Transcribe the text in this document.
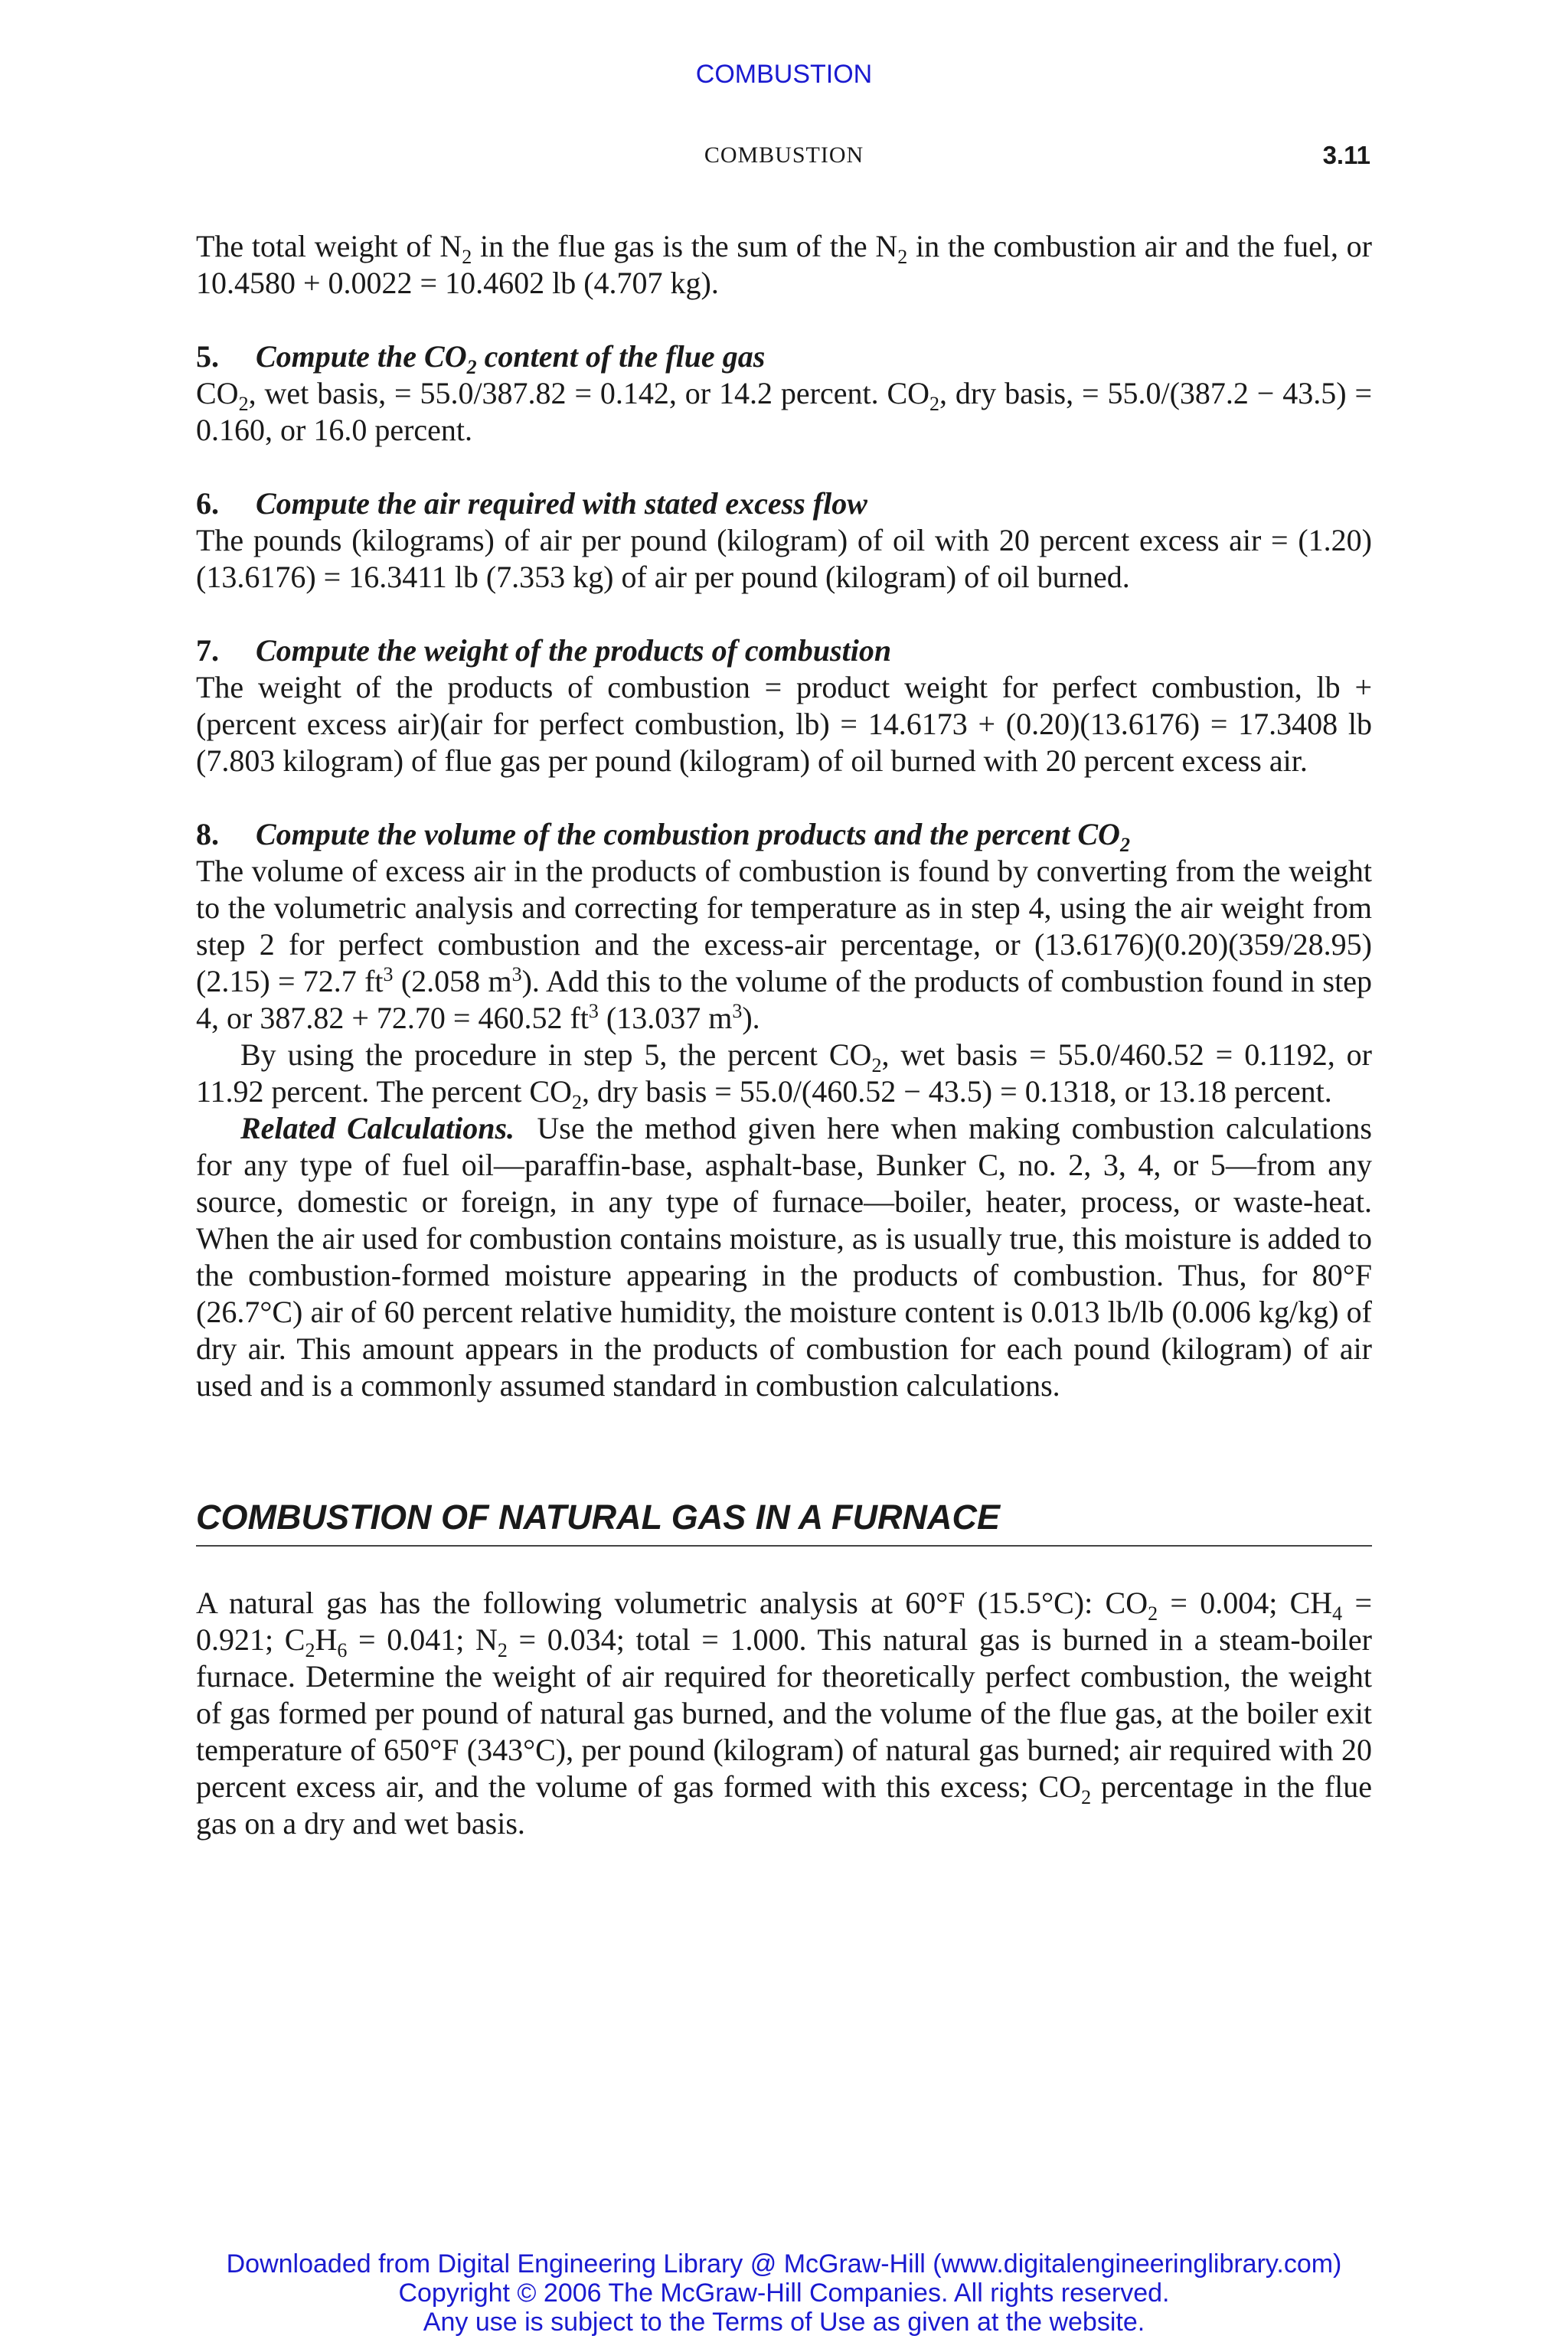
COMBUSTION
COMBUSTION	3.11

The total weight of $N_2$ in the flue gas is the sum of the $N_2$ in the combustion air and the fuel, or 10.4580 + 0.0022 = 10.4602 lb (4.707 kg).

5. Compute the $CO_2$ content of the flue gas

$CO_2$, wet basis, = 55.0/387.82 = 0.142, or 14.2 percent. $CO_2$, dry basis, = 55.0/(387.2 − 43.5) = 0.160, or 16.0 percent.

6. Compute the air required with stated excess flow

The pounds (kilograms) of air per pound (kilogram) of oil with 20 percent excess air = (1.20)(13.6176) = 16.3411 lb (7.353 kg) of air per pound (kilogram) of oil burned.

7. Compute the weight of the products of combustion

The weight of the products of combustion = product weight for perfect combustion, lb + (percent excess air)(air for perfect combustion, lb) = 14.6173 + (0.20)(13.6176) = 17.3408 lb (7.803 kilogram) of flue gas per pound (kilogram) of oil burned with 20 percent excess air.

8. Compute the volume of the combustion products and the percent $CO_2$

The volume of excess air in the products of combustion is found by converting from the weight to the volumetric analysis and correcting for temperature as in step 4, using the air weight from step 2 for perfect combustion and the excess-air percentage, or (13.6176)(0.20)(359/28.95)(2.15) = 72.7 $ft^3$ (2.058 $m^3$). Add this to the volume of the products of combustion found in step 4, or 387.82 + 72.70 = 460.52 $ft^3$ (13.037 $m^3$).

By using the procedure in step 5, the percent $CO_2$, wet basis = 55.0/460.52 = 0.1192, or 11.92 percent. The percent $CO_2$, dry basis = 55.0/(460.52 − 43.5) = 0.1318, or 13.18 percent.

Related Calculations. Use the method given here when making combustion calculations for any type of fuel oil—paraffin-base, asphalt-base, Bunker C, no. 2, 3, 4, or 5—from any source, domestic or foreign, in any type of furnace—boiler, heater, process, or waste-heat. When the air used for combustion contains moisture, as is usually true, this moisture is added to the combustion-formed moisture appearing in the products of combustion. Thus, for 80°F (26.7°C) air of 60 percent relative humidity, the moisture content is 0.013 lb/lb (0.006 kg/kg) of dry air. This amount appears in the products of combustion for each pound (kilogram) of air used and is a commonly assumed standard in combustion calculations.

COMBUSTION OF NATURAL GAS IN A FURNACE

A natural gas has the following volumetric analysis at 60°F (15.5°C): $CO_2 = 0.004$; $CH_4 = 0.921$; $C_2H_6 = 0.041$; $N_2 = 0.034$; total = 1.000. This natural gas is burned in a steam-boiler furnace. Determine the weight of air required for theoretically perfect combustion, the weight of gas formed per pound of natural gas burned, and the volume of the flue gas, at the boiler exit temperature of 650°F (343°C), per pound (kilogram) of natural gas burned; air required with 20 percent excess air, and the volume of gas formed with this excess; $CO_2$ percentage in the flue gas on a dry and wet basis.

Downloaded from Digital Engineering Library @ McGraw-Hill (www.digitalengineeringlibrary.com)
Copyright © 2006 The McGraw-Hill Companies. All rights reserved.
Any use is subject to the Terms of Use as given at the website.
